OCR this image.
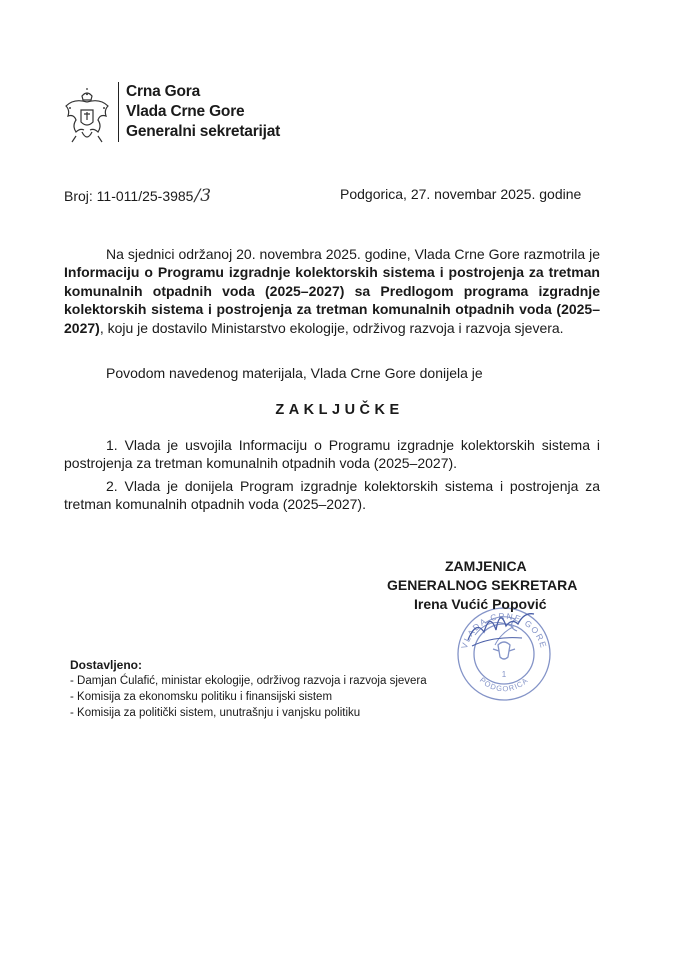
Crna Gora
Vlada Crne Gore
Generalni sekretarijat
Broj: 11-011/25-3985/3	Podgorica, 27. novembar 2025. godine
Na sjednici održanoj 20. novembra 2025. godine, Vlada Crne Gore razmotrila je Informaciju o Programu izgradnje kolektorskih sistema i postrojenja za tretman komunalnih otpadnih voda (2025–2027) sa Predlogom programa izgradnje kolektorskih sistema i postrojenja za tretman komunalnih otpadnih voda (2025–2027), koju je dostavilo Ministarstvo ekologije, održivog razvoja i razvoja sjevera.
Povodom navedenog materijala, Vlada Crne Gore donijela je
ZAKLJUČKE
1. Vlada je usvojila Informaciju o Programu izgradnje kolektorskih sistema i postrojenja za tretman komunalnih otpadnih voda (2025–2027).
2. Vlada je donijela Program izgradnje kolektorskih sistema i postrojenja za tretman komunalnih otpadnih voda (2025–2027).
VLADA CRNE GORE
PODGORICA
1
ZAMJENICA
GENERALNOG SEKRETARA
Irena Vućić Popović
Dostavljeno:
- Damjan Ćulafić, ministar ekologije, održivog razvoja i razvoja sjevera
- Komisija za ekonomsku politiku i finansijski sistem
- Komisija za politički sistem, unutrašnju i vanjsku politiku
